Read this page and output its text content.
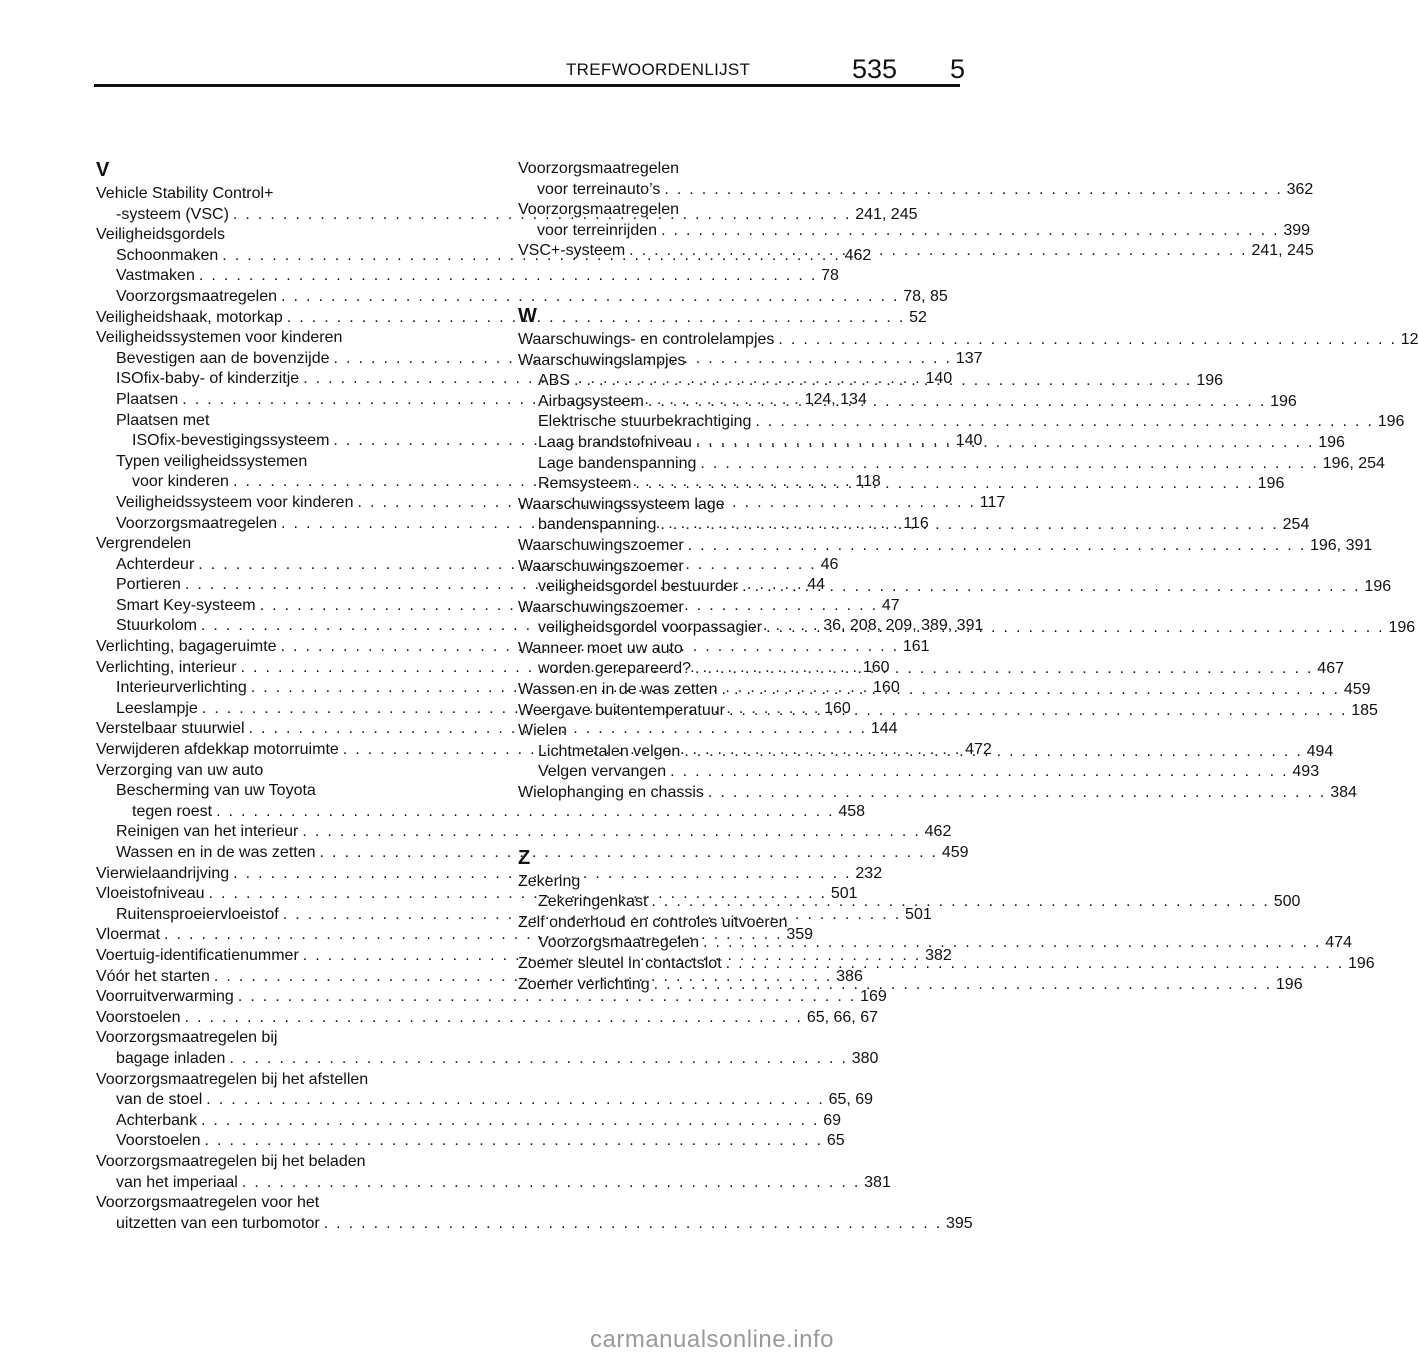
TREFWOORDENLIJST	535 5
V
Vehicle Stability Control+
-systeem (VSC) . . .	241, 245
Veiligheidsgordels
Schoonmaken . . .	462
Vastmaken . . .	78
Voorzorgsmaatregelen . . .	78, 85
Veiligheidshaak, motorkap . . .	52
Veiligheidssystemen voor kinderen
Bevestigen aan de bovenzijde . . .	137
ISOfix-baby- of kinderzitje . . .	140
Plaatsen . . .	124, 134
Plaatsen met
ISOfix-bevestigingssysteem . . .	140
Typen veiligheidssystemen
voor kinderen . . .	118
Veiligheidssysteem voor kinderen . . .	117
Voorzorgsmaatregelen . . .	116
Vergrendelen
Achterdeur . . .	46
Portieren . . .	44
Smart Key-systeem . . .	47
Stuurkolom . . .	36, 208, 209, 389, 391
Verlichting, bagageruimte . . .	161
Verlichting, interieur . . .	160
Interieurverlichting . . .	160
Leeslampje . . .	160
Verstelbaar stuurwiel . . .	144
Verwijderen afdekkap motorruimte . . .	472
Verzorging van uw auto
Bescherming van uw Toyota
tegen roest . . .	458
Reinigen van het interieur . . .	462
Wassen en in de was zetten . . .	459
Vierwielaandrijving . . .	232
Vloeistofniveau . . .	501
Ruitensproeiervloeistof . . .	501
Vloermat . . .	359
Voertuig-identificatienummer . . .	382
Vóór het starten . . .	386
Voorruitverwarming . . .	169
Voorstoelen . . .	65, 66, 67
Voorzorgsmaatregelen bij
bagage inladen . . .	380
Voorzorgsmaatregelen bij het afstellen
van de stoel . . .	65, 69
Achterbank . . .	69
Voorstoelen . . .	65
Voorzorgsmaatregelen bij het beladen
van het imperiaal . . .	381
Voorzorgsmaatregelen voor het
uitzetten van een turbomotor . . .	395
Voorzorgsmaatregelen
voor terreinauto’s . . .	362
Voorzorgsmaatregelen
voor terreinrijden . . .	399
VSC+-systeem . . .	241, 245
W
Waarschuwings- en controlelampjes . . .	12
Waarschuwingslampjes
ABS . . .	196
Airbagsysteem . . .	196
Elektrische stuurbekrachtiging . . .	196
Laag brandstofniveau . . .	196
Lage bandenspanning . . .	196, 254
Remsysteem . . .	196
Waarschuwingssysteem lage
bandenspanning . . .	254
Waarschuwingszoemer . . .	196, 391
Waarschuwingszoemer
veiligheidsgordel bestuurder . . .	196
Waarschuwingszoemer
veiligheidsgordel voorpassagier . . .	196
Wanneer moet uw auto
worden gerepareerd? . . .	467
Wassen en in de was zetten . . .	459
Weergave buitentemperatuur . . .	185
Wielen
Lichtmetalen velgen . . .	494
Velgen vervangen . . .	493
Wielophanging en chassis . . .	384
Z
Zekering
Zekeringenkast . . .	500
Zelf onderhoud en controles uitvoeren
Voorzorgsmaatregelen . . .	474
Zoemer sleutel in contactslot . . .	196
Zoemer verlichting . . .	196
carmanualsonline.info
